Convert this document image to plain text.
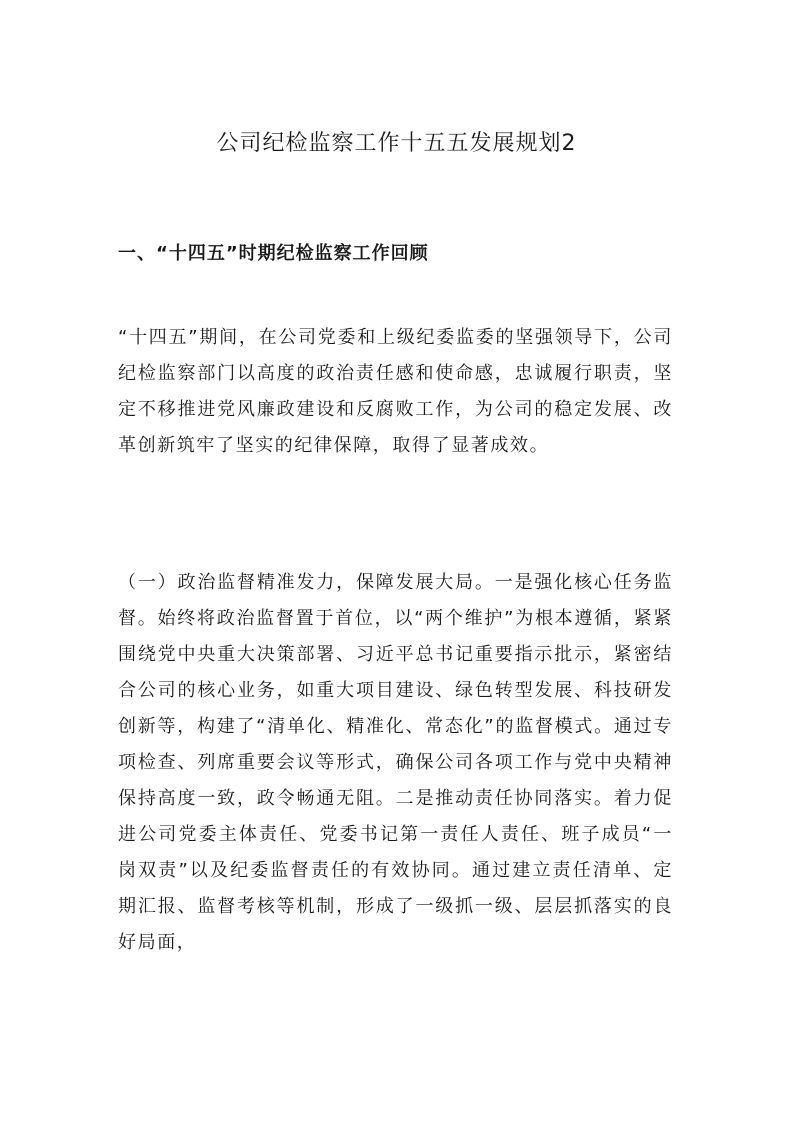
公司纪检监察工作十五五发展规划2
一、“十四五”时期纪检监察工作回顾

“十四五”期间，在公司党委和上级纪委监委的坚强领导下，公司纪检监察部门以高度的政治责任感和使命感，忠诚履行职责，坚定不移推进党风廉政建设和反腐败工作，为公司的稳定发展、改革创新筑牢了坚实的纪律保障，取得了显著成效。

（一）政治监督精准发力，保障发展大局。一是强化核心任务监督。始终将政治监督置于首位，以“两个维护”为根本遵循，紧紧围绕党中央重大决策部署、习近平总书记重要指示批示，紧密结合公司的核心业务，如重大项目建设、绿色转型发展、科技研发创新等，构建了“清单化、精准化、常态化”的监督模式。通过专项检查、列席重要会议等形式，确保公司各项工作与党中央精神保持高度一致，政令畅通无阻。二是推动责任协同落实。着力促进公司党委主体责任、党委书记第一责任人责任、班子成员“一岗双责”以及纪委监督责任的有效协同。通过建立责任清单、定期汇报、监督考核等机制，形成了一级抓一级、层层抓落实的良好局面，
